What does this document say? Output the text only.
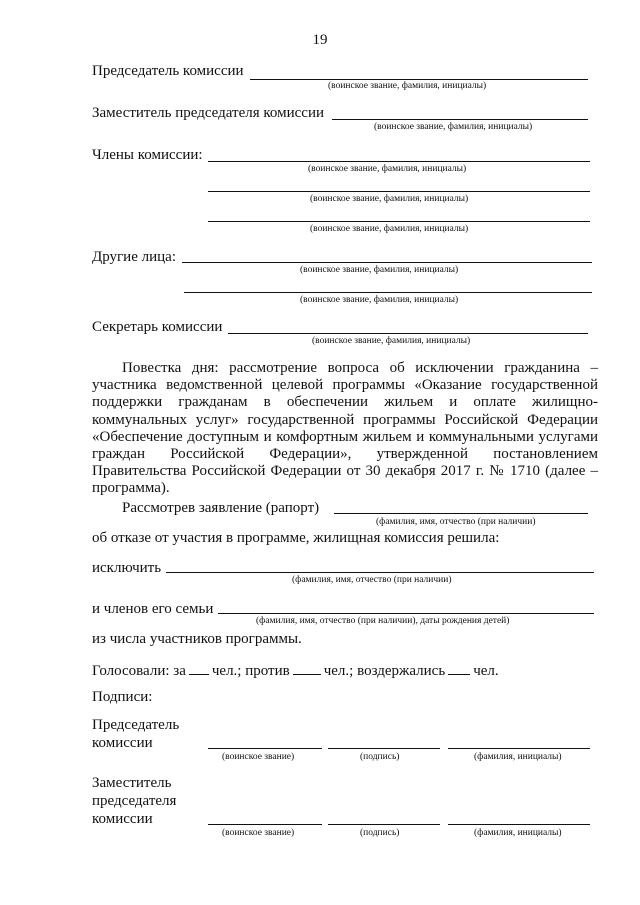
19
Председатель комиссии
(воинское звание, фамилия, инициалы)
Заместитель председателя комиссии
(воинское звание, фамилия, инициалы)
Члены комиссии:
(воинское звание, фамилия, инициалы)
(воинское звание, фамилия, инициалы)
(воинское звание, фамилия, инициалы)
Другие лица:
(воинское звание, фамилия, инициалы)
(воинское звание, фамилия, инициалы)
Секретарь комиссии
(воинское звание, фамилия, инициалы)
Повестка дня: рассмотрение вопроса об исключении гражданина – участника ведомственной целевой программы «Оказание государственной поддержки гражданам в обеспечении жильем и оплате жилищно-коммунальных услуг» государственной программы Российской Федерации «Обеспечение доступным и комфортным жильем и коммунальными услугами граждан Российской Федерации», утвержденной постановлением Правительства Российской Федерации от 30 декабря 2017 г. № 1710 (далее – программа).
Рассмотрев заявление (рапорт)
(фамилия, имя, отчество (при наличии)
об отказе от участия в программе, жилищная комиссия решила:
исключить
(фамилия, имя, отчество (при наличии)
и членов его семьи
(фамилия, имя, отчество (при наличии), даты рождения детей)
из числа участников программы.
Голосовали: за чел.; против чел.; воздержались чел.
Подписи:
Председатель
комиссии
(воинское звание)	(подпись)	(фамилия, инициалы)
Заместитель
председателя
комиссии
(воинское звание)	(подпись)	(фамилия, инициалы)
